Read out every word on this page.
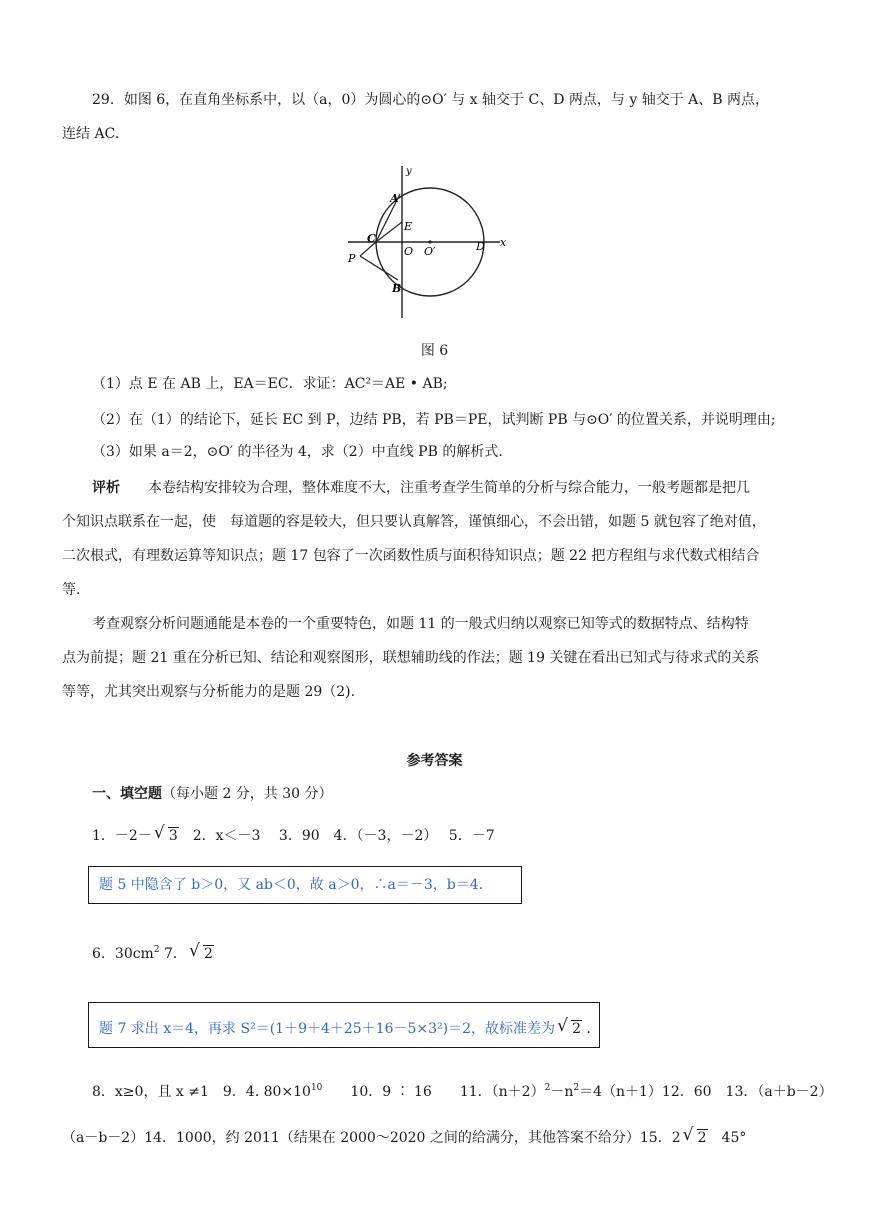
29．如图 6，在直角坐标系中，以（a，0）为圆心的⊙O′ 与 x 轴交于 C、D 两点，与 y 轴交于 A、B 两点，
连结 AC.
y
x
A
E
C
O O′	D
P
B
图 6
（1）点 E 在 AB 上，EA＝EC．求证：AC²＝AE • AB;
（2）在（1）的结论下，延长 EC 到 P，边结 PB，若 PB＝PE，试判断 PB 与⊙O′ 的位置关系，并说明理由;
（3）如果 a＝2，⊙O′ 的半径为 4，求（2）中直线 PB 的解析式.
评析　　 本卷结构安排较为合理，整体难度不大，注重考查学生简单的分析与综合能力，一般考题都是把几
个知识点联系在一起，使　每道题的容是较大，但只要认真解答，谨慎细心，不会出错，如题 5 就包容了绝对值，
二次根式，有理数运算等知识点；题 17 包容了一次函数性质与面积待知识点；题 22 把方程组与求代数式相结合
等.
考查观察分析问题通能是本卷的一个重要特色，如题 11 的一般式归纳以观察已知等式的数据特点、结构特
点为前提；题 21 重在分析已知、结论和观察图形，联想辅助线的作法；题 19 关键在看出已知式与待求式的关系
等等，尤其突出观察与分析能力的是题 29（2).
参考答案
一、填空题（每小题 2 分，共 30 分）
1．－2－ √ 3　2．x＜－3　 3．90　4．（－3，－2）　 5．－7
题 5 中隐含了 b＞0，又 ab＜0，故 a＞0，∴a＝－3，b＝4.
6．$30cm^2$ 7． √ 2
题 7 求出 x＝4，再求 S²＝(1＋9＋4＋25＋16－5×3²)＝2，故标准差为 √ 2 .
8．x≥0，且 x ≠1　9．4. $80\times 10^{10}$　　10．9 ∶ 16　　11．$(n+2)^2-n^2=4(n+1)12$．60　13．（a＋b－2）
（a－b－2）14．1000，约 2011（结果在 2000～2020 之间的给满分，其他答案不给分）15．2 √ 2　45°
